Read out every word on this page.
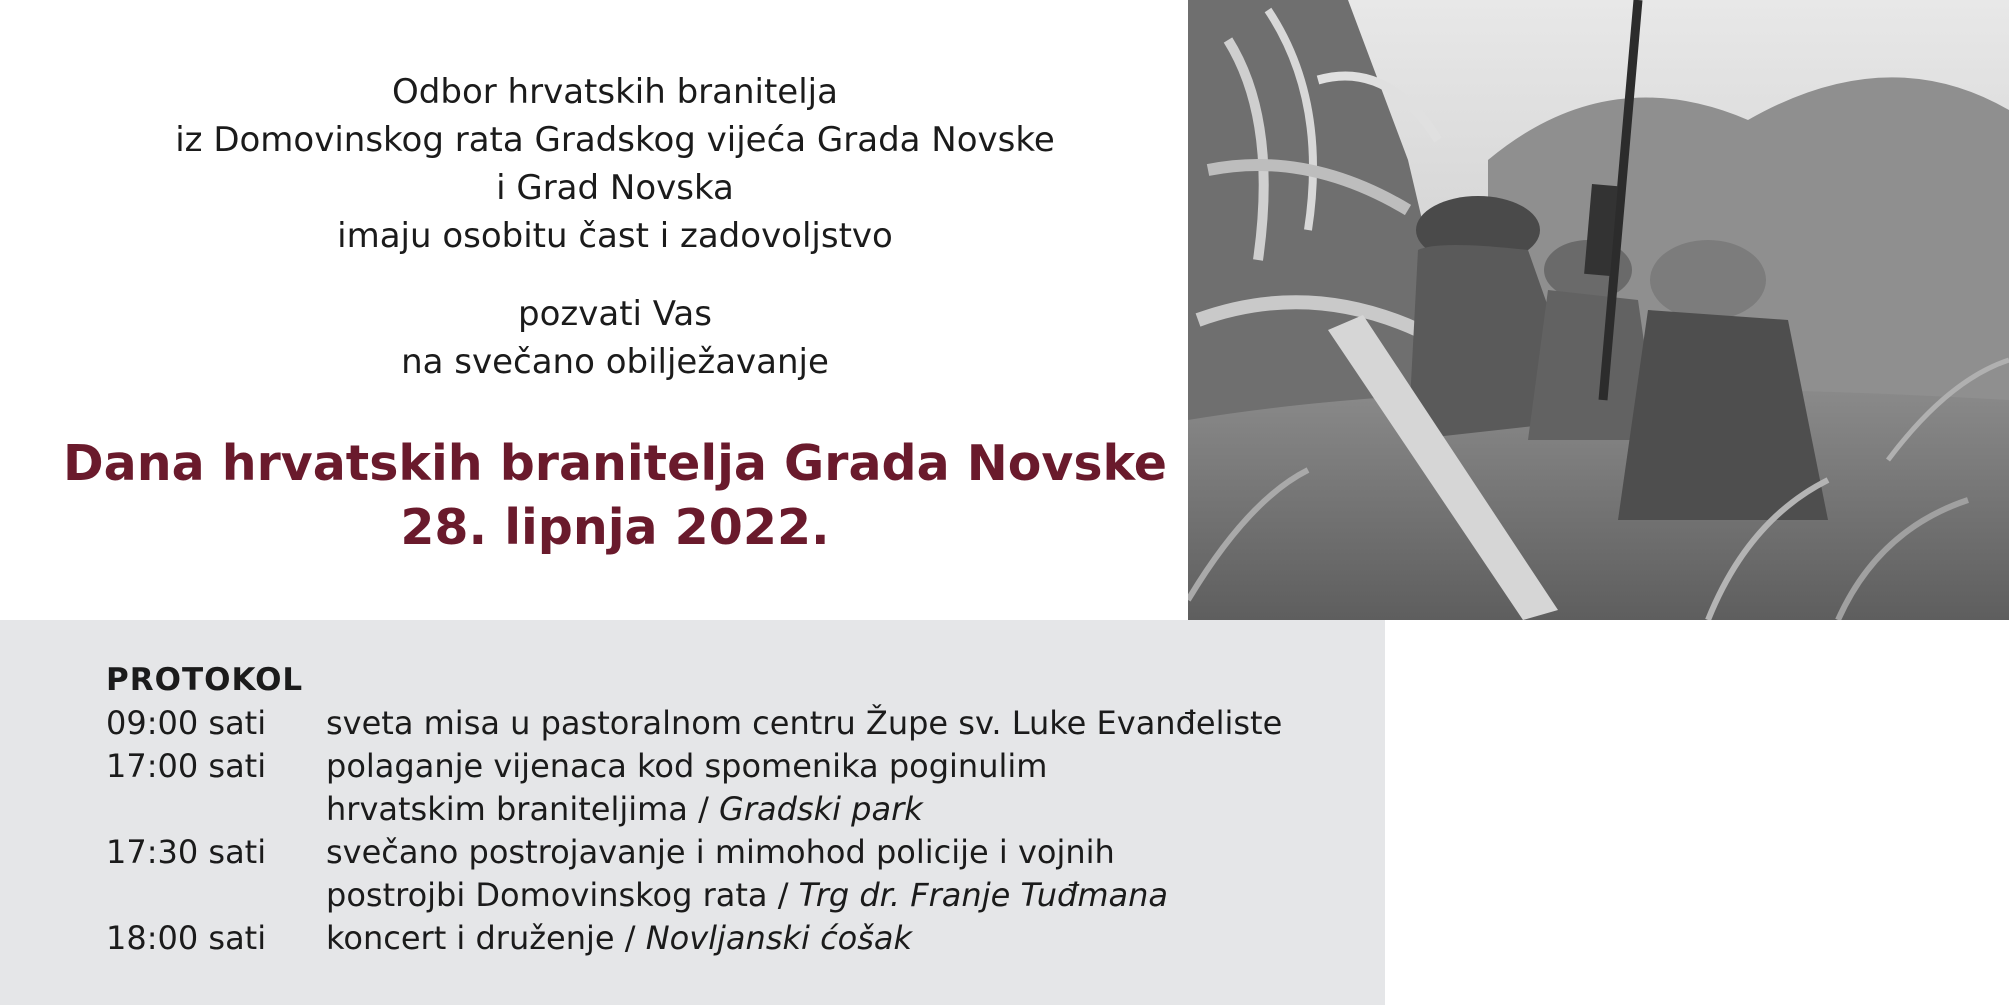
Odbor hrvatskih branitelja

iz Domovinskog rata Gradskog vijeća Grada Novske

i Grad Novska

imaju osobitu čast i zadovoljstvo

pozvati Vas

na svečano obilježavanje

Dana hrvatskih branitelja Grada Novske

28. lipnja 2022.

PROTOKOL
09:00 sati	sveta misa u pastoralnom centru Župe sv. Luke Evanđeliste
17:00 sati	polaganje vijenaca kod spomenika poginulim
hrvatskim braniteljima / Gradski park
17:30 sati	svečano postrojavanje i mimohod policije i vojnih
postrojbi Domovinskog rata / Trg dr. Franje Tuđmana
18:00 sati	koncert i druženje / Novljanski ćošak
